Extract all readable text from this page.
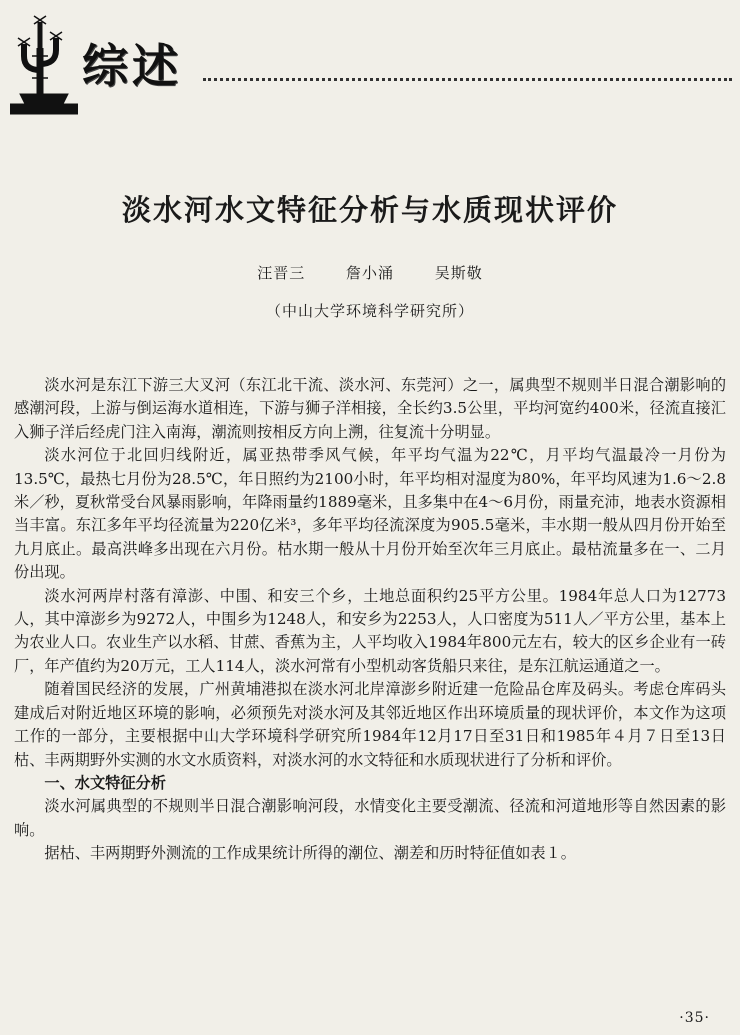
综述
淡水河水文特征分析与水质现状评价
汪晋三	詹小涌	吴斯敬
（中山大学环境科学研究所）

淡水河是东江下游三大叉河（东江北干流、淡水河、东莞河）之一，属典型不规则半日混合潮影响的感潮河段，上游与倒运海水道相连，下游与狮子洋相接，全长约3.5公里，平均河宽约400米，径流直接汇入狮子洋后经虎门注入南海，潮流则按相反方向上溯，往复流十分明显。

淡水河位于北回归线附近，属亚热带季风气候，年平均气温为22℃，月平均气温最冷一月份为13.5℃，最热七月份为28.5℃，年日照约为2100小时，年平均相对湿度为80%，年平均风速为1.6～2.8米／秒，夏秋常受台风暴雨影响，年降雨量约1889毫米，且多集中在4～6月份，雨量充沛，地表水资源相当丰富。东江多年平均径流量为220亿米³，多年平均径流深度为905.5毫米，丰水期一般从四月份开始至九月底止。最高洪峰多出现在六月份。枯水期一般从十月份开始至次年三月底止。最枯流量多在一、二月份出现。

淡水河两岸村落有漳澎、中围、和安三个乡，土地总面积约25平方公里。1984年总人口为12773人，其中漳澎乡为9272人，中围乡为1248人，和安乡为2253人，人口密度为511人／平方公里，基本上为农业人口。农业生产以水稻、甘蔗、香蕉为主，人平均收入1984年800元左右，较大的区乡企业有一砖厂，年产值约为20万元，工人114人，淡水河常有小型机动客货船只来往，是东江航运通道之一。

随着国民经济的发展，广州黄埔港拟在淡水河北岸漳澎乡附近建一危险品仓库及码头。考虑仓库码头建成后对附近地区环境的影响，必须预先对淡水河及其邻近地区作出环境质量的现状评价，本文作为这项工作的一部分，主要根据中山大学环境科学研究所1984年12月17日至31日和1985年４月７日至13日枯、丰两期野外实测的水文水质资料，对淡水河的水文特征和水质现状进行了分析和评价。

一、水文特征分析

淡水河属典型的不规则半日混合潮影响河段，水情变化主要受潮流、径流和河道地形等自然因素的影响。

据枯、丰两期野外测流的工作成果统计所得的潮位、潮差和历时特征值如表１。

·35·
